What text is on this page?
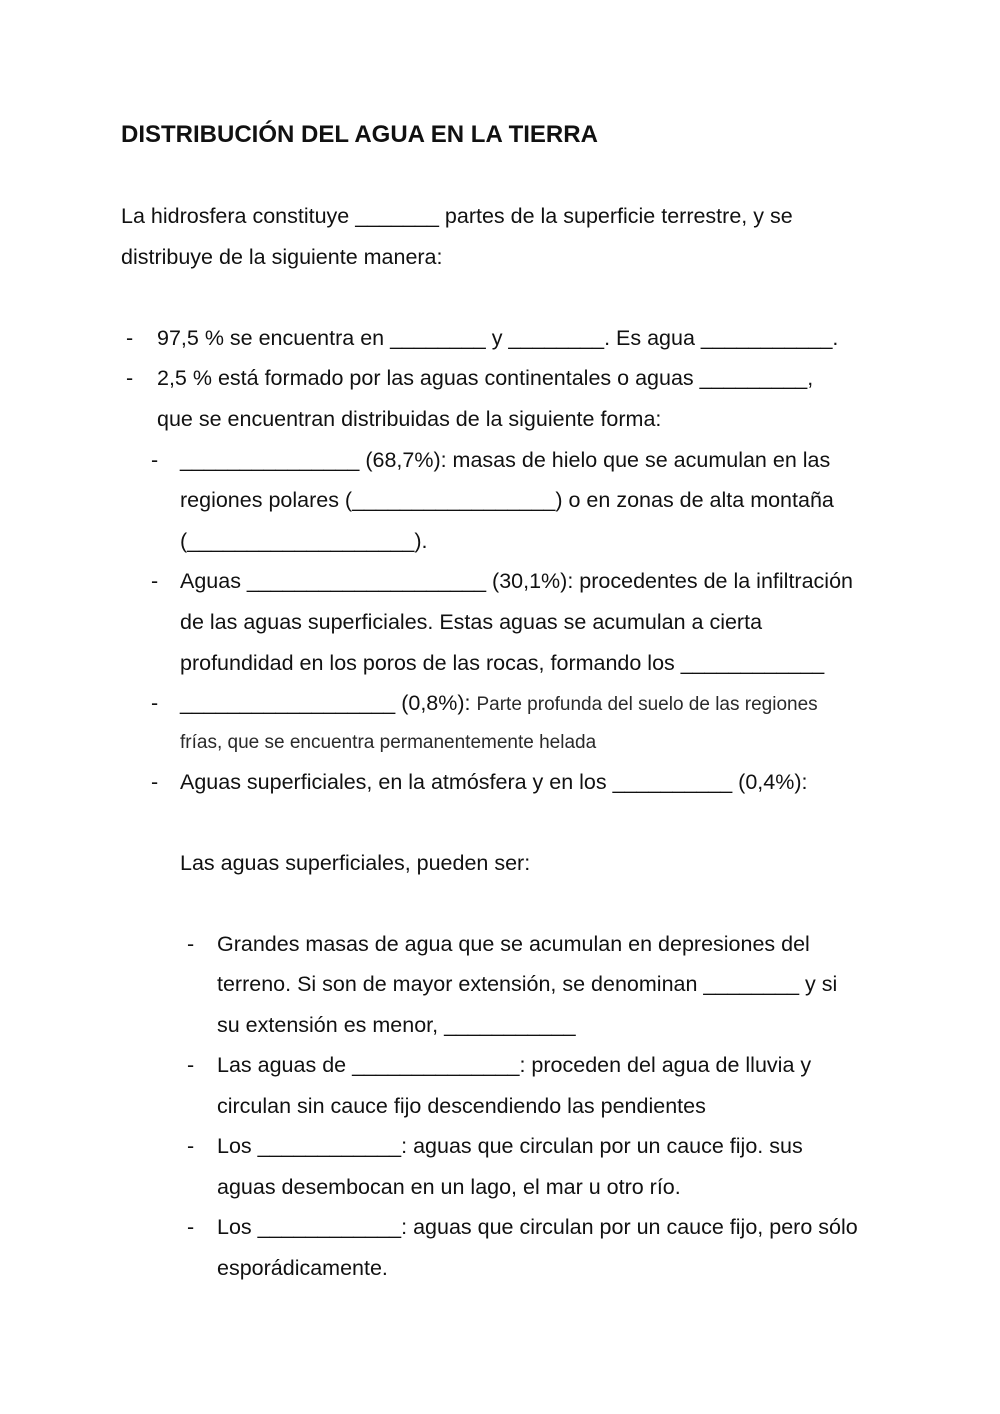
DISTRIBUCIÓN DEL AGUA EN LA TIERRA
La hidrosfera constituye _______ partes de la superficie terrestre, y se
distribuye de la siguiente manera:
- 97,5 % se encuentra en ________ y ________. Es agua ___________.
- 2,5 % está formado por las aguas continentales o aguas _________,
que se encuentran distribuidas de la siguiente forma:
- _______________ (68,7%): masas de hielo que se acumulan en las
regiones polares (_________________) o en zonas de alta montaña
(___________________).
- Aguas ____________________ (30,1%): procedentes de la infiltración
de las aguas superficiales. Estas aguas se acumulan a cierta
profundidad en los poros de las rocas, formando los ____________
- __________________ (0,8%): Parte profunda del suelo de las regiones
frías, que se encuentra permanentemente helada
- Aguas superficiales, en la atmósfera y en los __________ (0,4%):
Las aguas superficiales, pueden ser:
- Grandes masas de agua que se acumulan en depresiones del
terreno. Si son de mayor extensión, se denominan ________ y si
su extensión es menor, ___________
- Las aguas de ______________: proceden del agua de lluvia y
circulan sin cauce fijo descendiendo las pendientes
- Los ____________: aguas que circulan por un cauce fijo. sus
aguas desembocan en un lago, el mar u otro río.
- Los ____________: aguas que circulan por un cauce fijo, pero sólo
esporádicamente.
